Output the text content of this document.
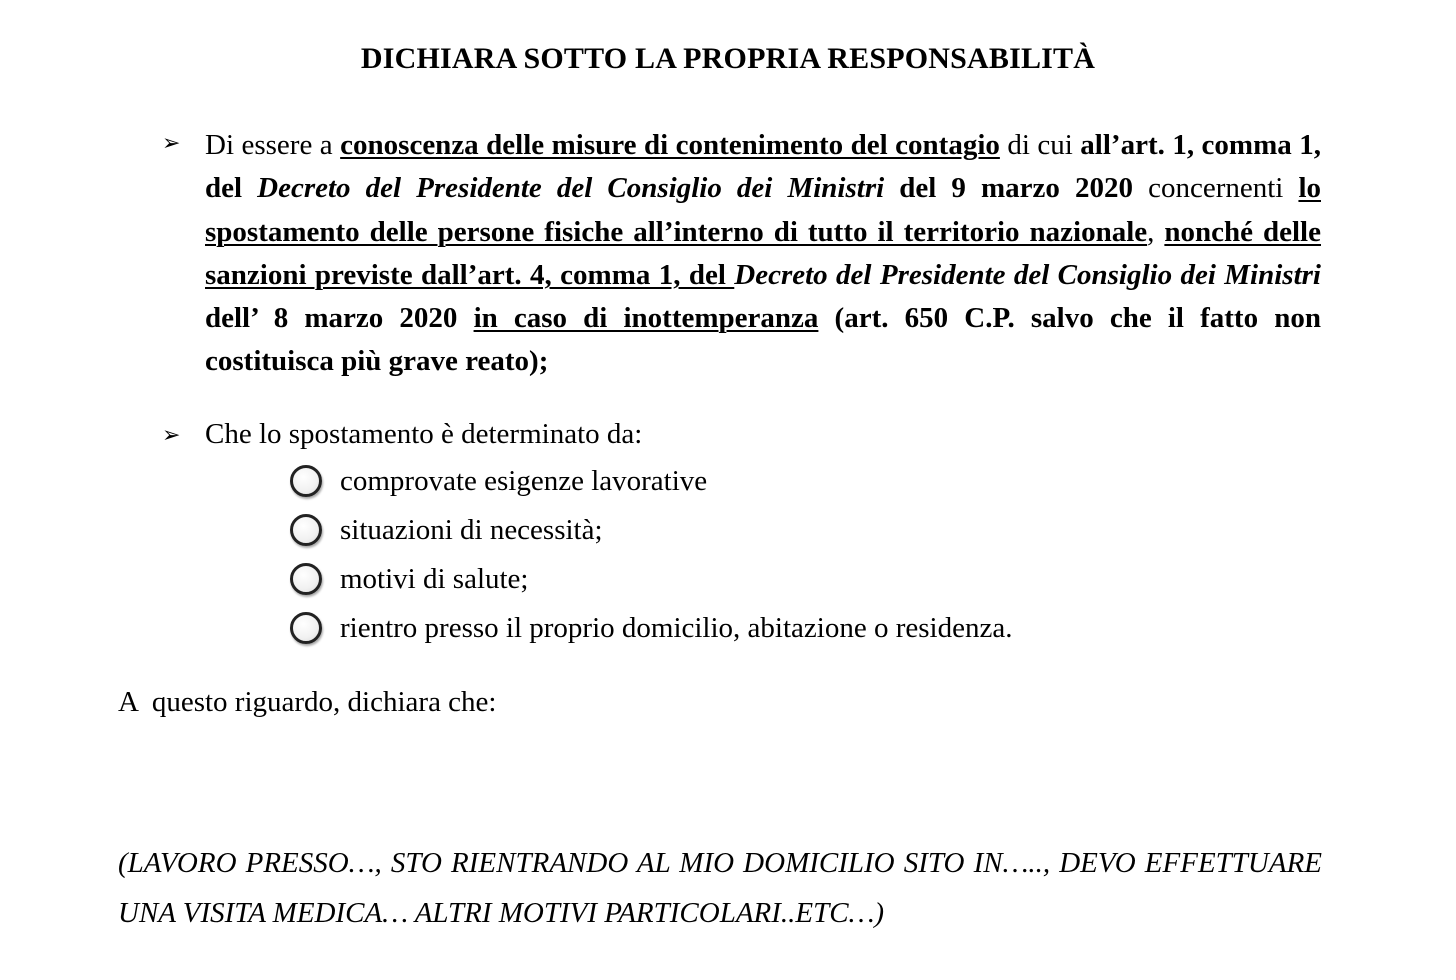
DICHIARA SOTTO LA PROPRIA RESPONSABILITÀ
➢ Di essere a conoscenza delle misure di contenimento del contagio di cui all’art. 1, comma 1, del Decreto del Presidente del Consiglio dei Ministri del 9 marzo 2020 concernenti lo spostamento delle persone fisiche all’interno di tutto il territorio nazionale, nonché delle sanzioni previste dall’art. 4, comma 1, del Decreto del Presidente del Consiglio dei Ministri dell’ 8 marzo 2020 in caso di inottemperanza (art. 650 C.P. salvo che il fatto non costituisca più grave reato);
➢ Che lo spostamento è determinato da:
comprovate esigenze lavorative
situazioni di necessità;
motivi di salute;
rientro presso il proprio domicilio, abitazione o residenza.
A  questo riguardo, dichiara che:
(LAVORO PRESSO…, STO RIENTRANDO AL MIO DOMICILIO SITO IN….., DEVO EFFETTUARE UNA VISITA MEDICA… ALTRI MOTIVI PARTICOLARI..ETC…)
